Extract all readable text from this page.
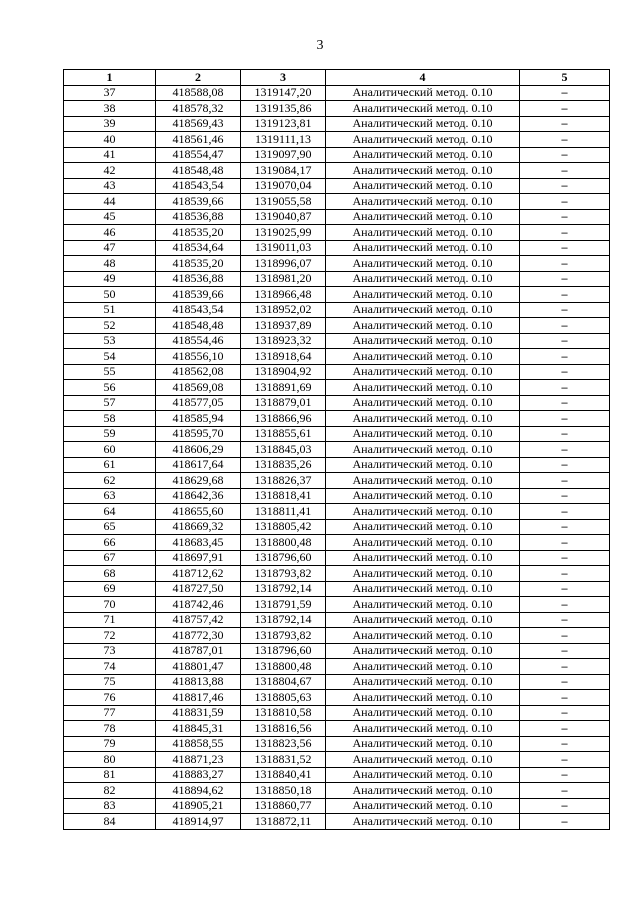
3
1	2	3	4	5
37	418588,08	1319147,20	Аналитический метод. 0.10	–
38	418578,32	1319135,86	Аналитический метод. 0.10	–
39	418569,43	1319123,81	Аналитический метод. 0.10	–
40	418561,46	1319111,13	Аналитический метод. 0.10	–
41	418554,47	1319097,90	Аналитический метод. 0.10	–
42	418548,48	1319084,17	Аналитический метод. 0.10	–
43	418543,54	1319070,04	Аналитический метод. 0.10	–
44	418539,66	1319055,58	Аналитический метод. 0.10	–
45	418536,88	1319040,87	Аналитический метод. 0.10	–
46	418535,20	1319025,99	Аналитический метод. 0.10	–
47	418534,64	1319011,03	Аналитический метод. 0.10	–
48	418535,20	1318996,07	Аналитический метод. 0.10	–
49	418536,88	1318981,20	Аналитический метод. 0.10	–
50	418539,66	1318966,48	Аналитический метод. 0.10	–
51	418543,54	1318952,02	Аналитический метод. 0.10	–
52	418548,48	1318937,89	Аналитический метод. 0.10	–
53	418554,46	1318923,32	Аналитический метод. 0.10	–
54	418556,10	1318918,64	Аналитический метод. 0.10	–
55	418562,08	1318904,92	Аналитический метод. 0.10	–
56	418569,08	1318891,69	Аналитический метод. 0.10	–
57	418577,05	1318879,01	Аналитический метод. 0.10	–
58	418585,94	1318866,96	Аналитический метод. 0.10	–
59	418595,70	1318855,61	Аналитический метод. 0.10	–
60	418606,29	1318845,03	Аналитический метод. 0.10	–
61	418617,64	1318835,26	Аналитический метод. 0.10	–
62	418629,68	1318826,37	Аналитический метод. 0.10	–
63	418642,36	1318818,41	Аналитический метод. 0.10	–
64	418655,60	1318811,41	Аналитический метод. 0.10	–
65	418669,32	1318805,42	Аналитический метод. 0.10	–
66	418683,45	1318800,48	Аналитический метод. 0.10	–
67	418697,91	1318796,60	Аналитический метод. 0.10	–
68	418712,62	1318793,82	Аналитический метод. 0.10	–
69	418727,50	1318792,14	Аналитический метод. 0.10	–
70	418742,46	1318791,59	Аналитический метод. 0.10	–
71	418757,42	1318792,14	Аналитический метод. 0.10	–
72	418772,30	1318793,82	Аналитический метод. 0.10	–
73	418787,01	1318796,60	Аналитический метод. 0.10	–
74	418801,47	1318800,48	Аналитический метод. 0.10	–
75	418813,88	1318804,67	Аналитический метод. 0.10	–
76	418817,46	1318805,63	Аналитический метод. 0.10	–
77	418831,59	1318810,58	Аналитический метод. 0.10	–
78	418845,31	1318816,56	Аналитический метод. 0.10	–
79	418858,55	1318823,56	Аналитический метод. 0.10	–
80	418871,23	1318831,52	Аналитический метод. 0.10	–
81	418883,27	1318840,41	Аналитический метод. 0.10	–
82	418894,62	1318850,18	Аналитический метод. 0.10	–
83	418905,21	1318860,77	Аналитический метод. 0.10	–
84	418914,97	1318872,11	Аналитический метод. 0.10	–
